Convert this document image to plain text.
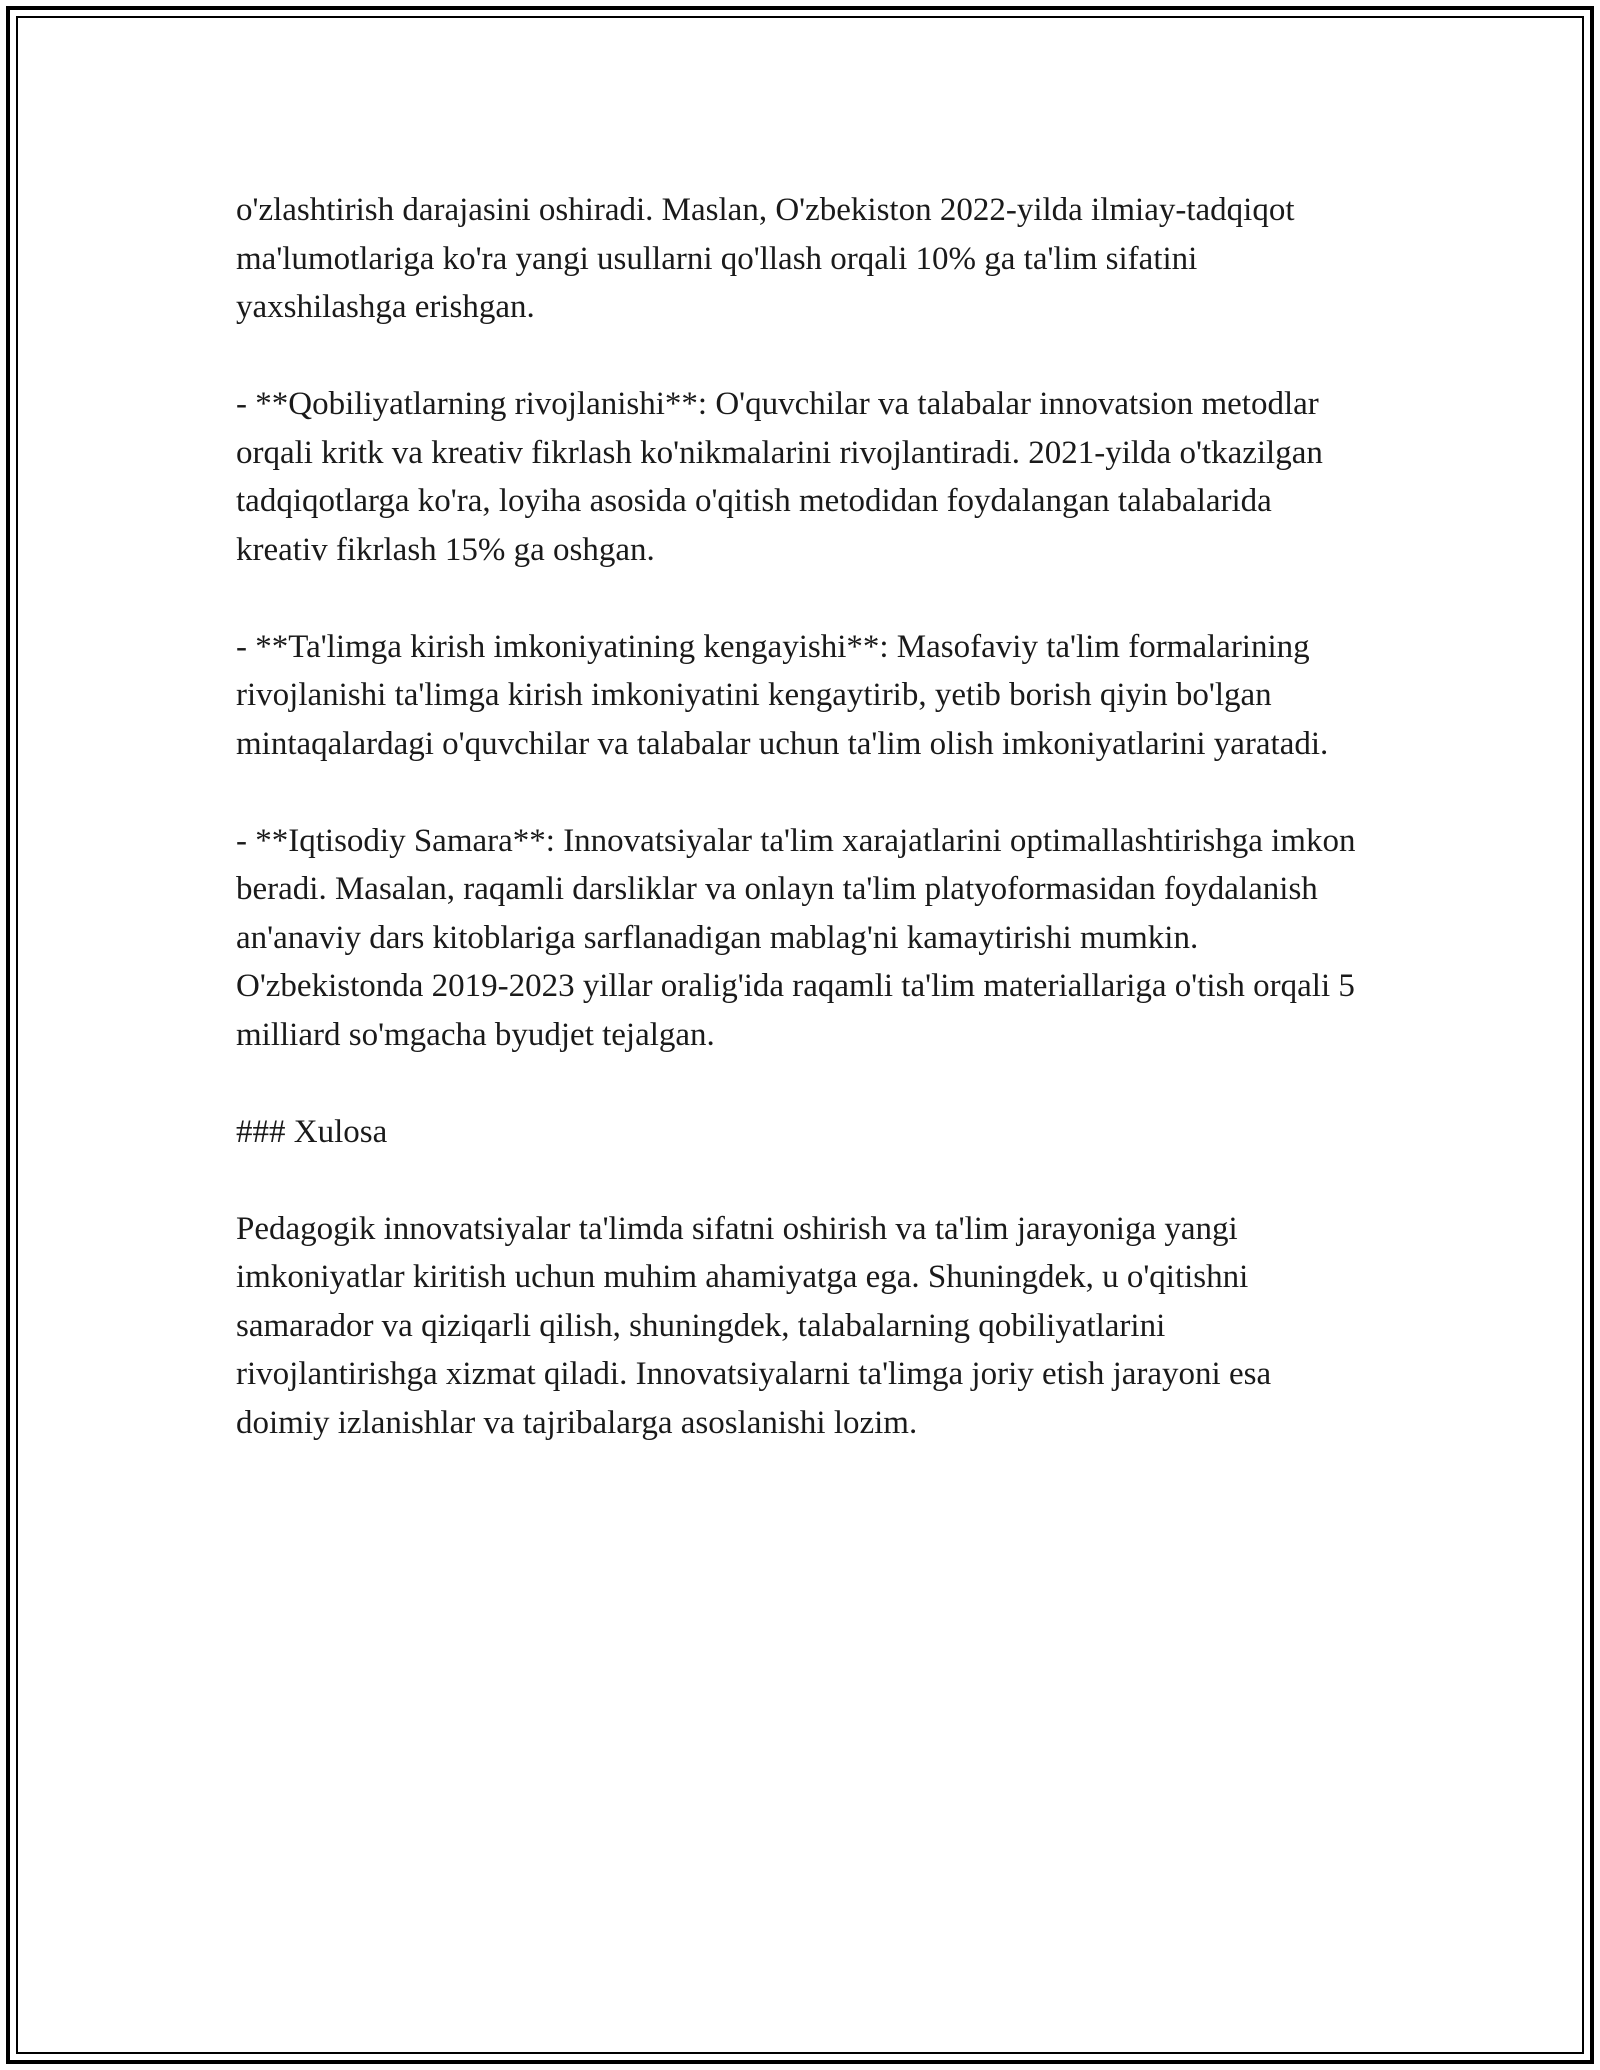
o'zlashtirish darajasini oshiradi. Maslan, O'zbekiston 2022-yilda ilmiay-tadqiqot ma'lumotlariga ko'ra yangi usullarni qo'llash orqali 10% ga ta'lim sifatini yaxshilashga erishgan.

- **Qobiliyatlarning rivojlanishi**: O'quvchilar va talabalar innovatsion metodlar orqali kritk va kreativ fikrlash ko'nikmalarini rivojlantiradi. 2021-yilda o'tkazilgan tadqiqotlarga ko'ra, loyiha asosida o'qitish metodidan foydalangan talabalarida kreativ fikrlash 15% ga oshgan.

- **Ta'limga kirish imkoniyatining kengayishi**: Masofaviy ta'lim formalarining rivojlanishi ta'limga kirish imkoniyatini kengaytirib, yetib borish qiyin bo'lgan mintaqalardagi o'quvchilar va talabalar uchun ta'lim olish imkoniyatlarini yaratadi.

- **Iqtisodiy Samara**: Innovatsiyalar ta'lim xarajatlarini optimallashtirishga imkon beradi. Masalan, raqamli darsliklar va onlayn ta'lim platyoformasidan foydalanish an'anaviy dars kitoblariga sarflanadigan mablag'ni kamaytirishi mumkin. O'zbekistonda 2019-2023 yillar oralig'ida raqamli ta'lim materiallariga o'tish orqali 5 milliard so'mgacha byudjet tejalgan.

### Xulosa

Pedagogik innovatsiyalar ta'limda sifatni oshirish va ta'lim jarayoniga yangi imkoniyatlar kiritish uchun muhim ahamiyatga ega. Shuningdek, u o'qitishni samarador va qiziqarli qilish, shuningdek, talabalarning qobiliyatlarini rivojlantirishga xizmat qiladi. Innovatsiyalarni ta'limga joriy etish jarayoni esa doimiy izlanishlar va tajribalarga asoslanishi lozim.
